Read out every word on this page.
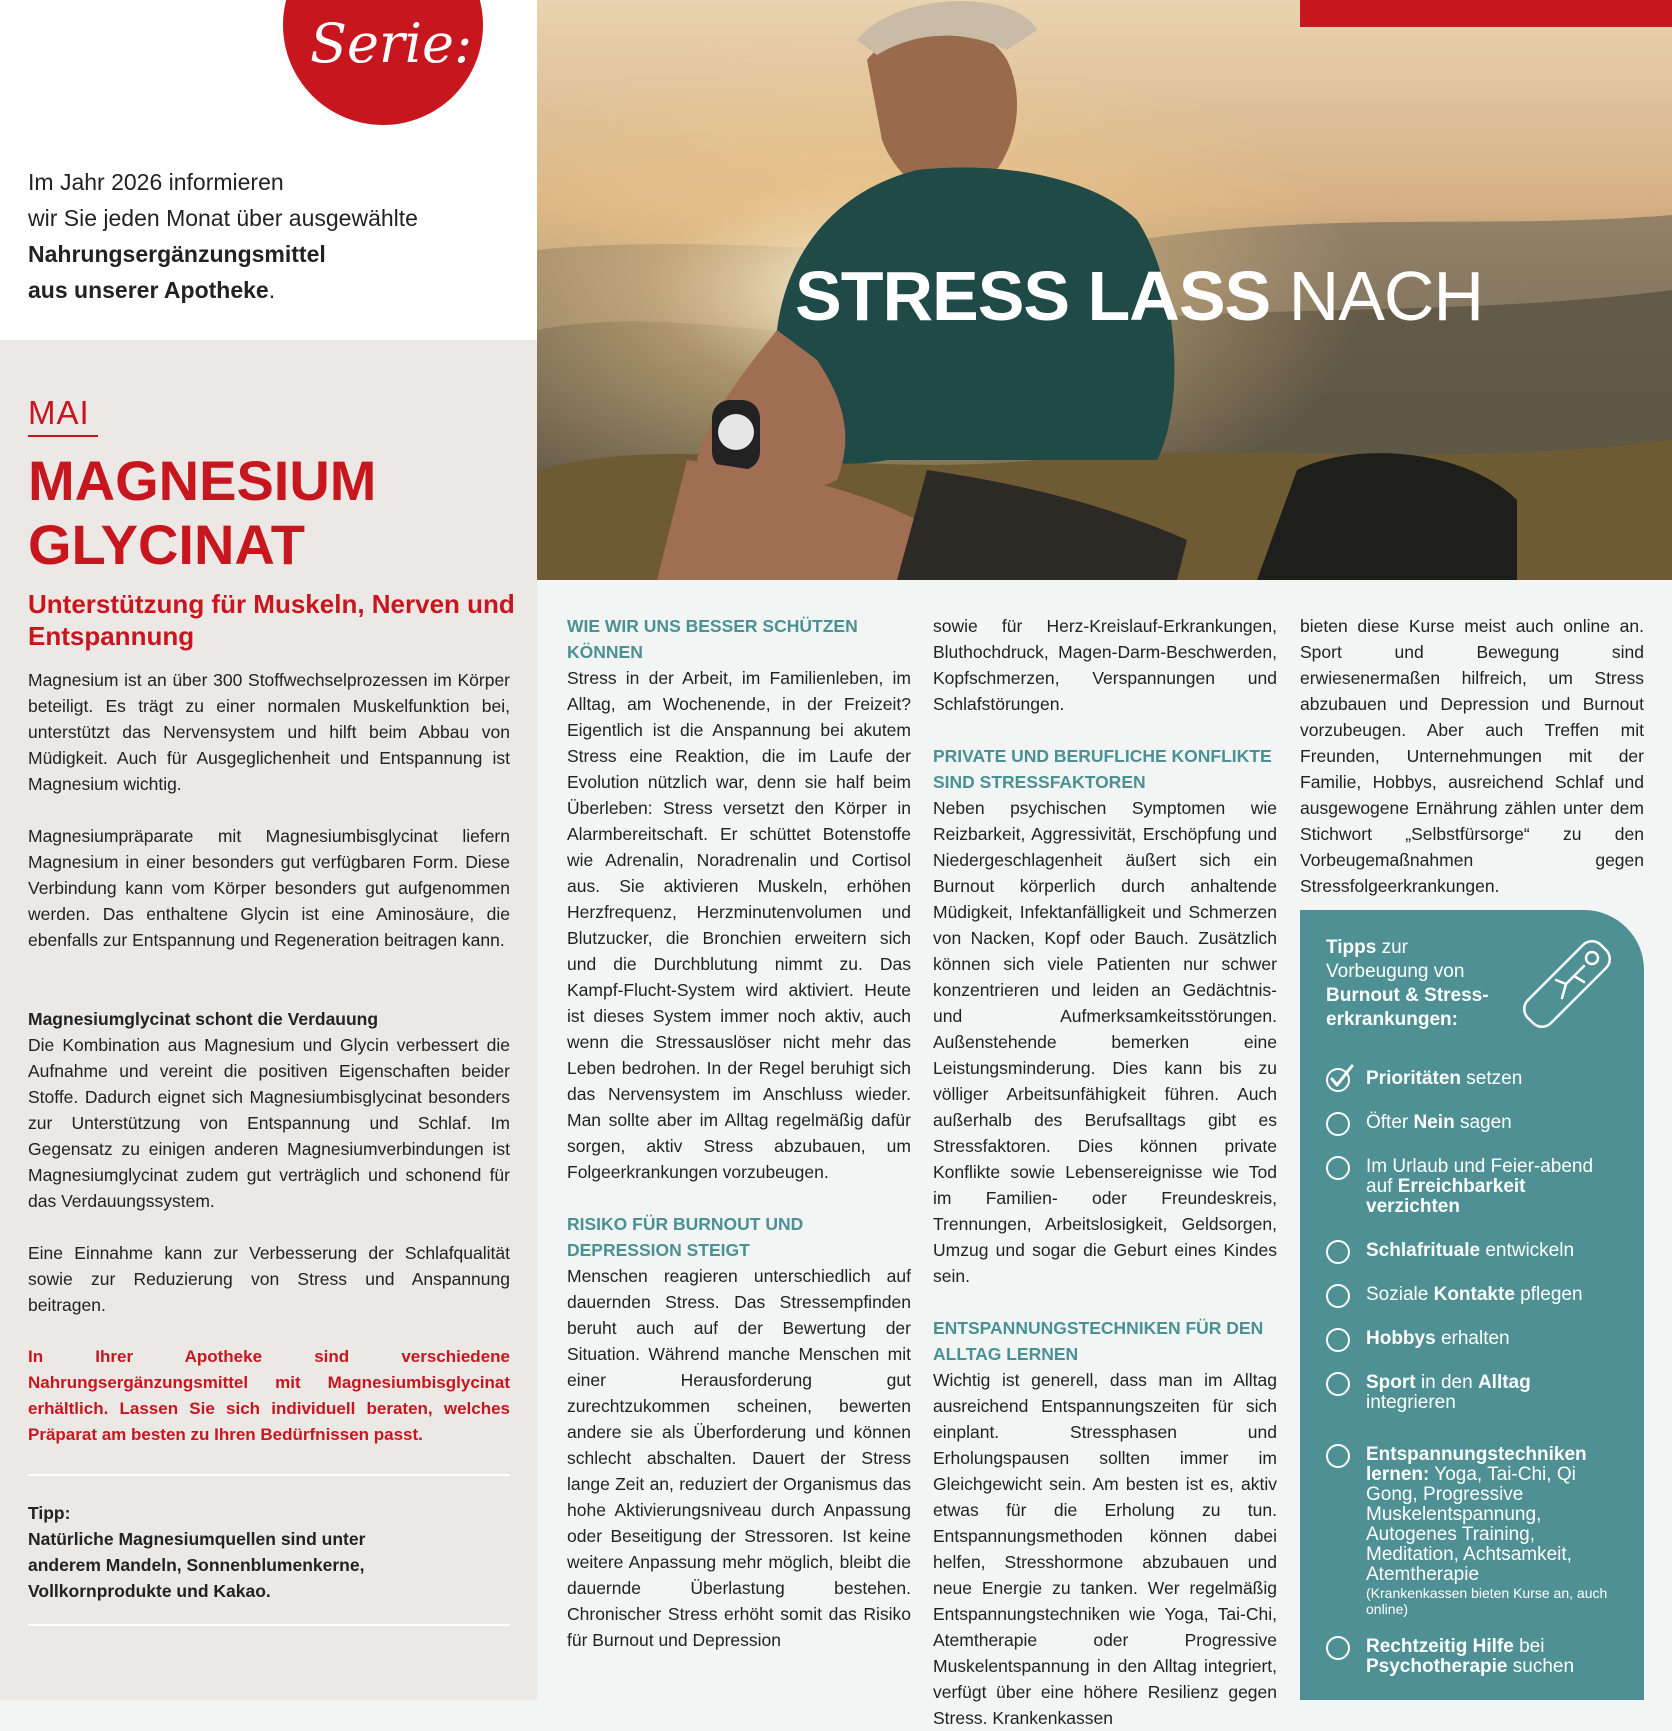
Serie:
Im Jahr 2026 informieren
wir Sie jeden Monat über ausgewählte
Nahrungsergänzungsmittel
aus unserer Apotheke.
MAI
MAGNESIUM
GLYCINAT
Unterstützung für Muskeln, Nerven und Entspannung
Magnesium ist an über 300 Stoffwechselprozessen im Körper beteiligt. Es trägt zu einer normalen Muskelfunktion bei, unterstützt das Nervensystem und hilft beim Abbau von Müdigkeit. Auch für Ausgeglichenheit und Entspannung ist Magnesium wichtig.
Magnesiumpräparate mit Magnesiumbisglycinat liefern Magnesium in einer besonders gut verfügbaren Form. Diese Verbindung kann vom Körper besonders gut aufgenommen werden. Das enthaltene Glycin ist eine Aminosäure, die ebenfalls zur Entspannung und Regeneration beitragen kann.
Magnesiumglycinat schont die Verdauung
Die Kombination aus Magnesium und Glycin verbessert die Aufnahme und vereint die positiven Eigenschaften beider Stoffe. Dadurch eignet sich Magnesiumbisglycinat besonders zur Unterstützung von Entspannung und Schlaf. Im Gegensatz zu einigen anderen Magnesiumverbindungen ist Magnesiumglycinat zudem gut verträglich und schonend für das Verdauungssystem.
Eine Einnahme kann zur Verbesserung der Schlafqualität sowie zur Reduzierung von Stress und Anspannung beitragen.
In Ihrer Apotheke sind verschiedene Nahrungsergänzungsmittel mit Magnesiumbisglycinat erhältlich. Lassen Sie sich individuell beraten, welches Präparat am besten zu Ihren Bedürfnissen passt.
Tipp:
Natürliche Magnesiumquellen sind unter anderem Mandeln, Sonnenblumenkerne, Vollkornprodukte und Kakao.
STRESS LASS NACH
WIE WIR UNS BESSER SCHÜTZEN KÖNNEN
Stress in der Arbeit, im Familienleben, im Alltag, am Wochenende, in der Freizeit? Eigentlich ist die Anspannung bei akutem Stress eine Reaktion, die im Laufe der Evolution nützlich war, denn sie half beim Überleben: Stress versetzt den Körper in Alarmbereitschaft. Er schüttet Botenstoffe wie Adrenalin, Noradrenalin und Cortisol aus. Sie aktivieren Muskeln, erhöhen Herzfrequenz, Herzminutenvolumen und Blutzucker, die Bronchien erweitern sich und die Durchblutung nimmt zu. Das Kampf-Flucht-System wird aktiviert. Heute ist dieses System immer noch aktiv, auch wenn die Stressauslöser nicht mehr das Leben bedrohen. In der Regel beruhigt sich das Nervensystem im Anschluss wieder. Man sollte aber im Alltag regelmäßig dafür sorgen, aktiv Stress abzubauen, um Folgeerkrankungen vorzubeugen.
RISIKO FÜR BURNOUT UND DEPRESSION STEIGT
Menschen reagieren unterschiedlich auf dauernden Stress. Das Stressempfinden beruht auch auf der Bewertung der Situation. Während manche Menschen mit einer Herausforderung gut zurechtzukommen scheinen, bewerten andere sie als Überforderung und können schlecht abschalten. Dauert der Stress lange Zeit an, reduziert der Organismus das hohe Aktivierungsniveau durch Anpassung oder Beseitigung der Stressoren. Ist keine weitere Anpassung mehr möglich, bleibt die dauernde Überlastung bestehen. Chronischer Stress erhöht somit das Risiko für Burnout und Depression
sowie für Herz-Kreislauf-Erkrankungen, Bluthochdruck, Magen-Darm-Beschwerden, Kopfschmerzen, Verspannungen und Schlafstörungen.
PRIVATE UND BERUFLICHE KONFLIKTE SIND STRESSFAKTOREN
Neben psychischen Symptomen wie Reizbarkeit, Aggressivität, Erschöpfung und Niedergeschlagenheit äußert sich ein Burnout körperlich durch anhaltende Müdigkeit, Infektanfälligkeit und Schmerzen von Nacken, Kopf oder Bauch. Zusätzlich können sich viele Patienten nur schwer konzentrieren und leiden an Gedächtnis- und Aufmerksamkeitsstörungen. Außenstehende bemerken eine Leistungsminderung. Dies kann bis zu völliger Arbeitsunfähigkeit führen. Auch außerhalb des Berufsalltags gibt es Stressfaktoren. Dies können private Konflikte sowie Lebensereignisse wie Tod im Familien- oder Freundeskreis, Trennungen, Arbeitslosigkeit, Geldsorgen, Umzug und sogar die Geburt eines Kindes sein.
ENTSPANNUNGSTECHNIKEN FÜR DEN ALLTAG LERNEN
Wichtig ist generell, dass man im Alltag ausreichend Entspannungszeiten für sich einplant. Stressphasen und Erholungspausen sollten immer im Gleichgewicht sein. Am besten ist es, aktiv etwas für die Erholung zu tun. Entspannungsmethoden können dabei helfen, Stresshormone abzubauen und neue Energie zu tanken. Wer regelmäßig Entspannungstechniken wie Yoga, Tai-Chi, Atemtherapie oder Progressive Muskelentspannung in den Alltag integriert, verfügt über eine höhere Resilienz gegen Stress. Krankenkassen
bieten diese Kurse meist auch online an. Sport und Bewegung sind erwiesenermaßen hilfreich, um Stress abzubauen und Depression und Burnout vorzubeugen. Aber auch Treffen mit Freunden, Unternehmungen mit der Familie, Hobbys, ausreichend Schlaf und ausgewogene Ernährung zählen unter dem Stichwort „Selbstfürsorge“ zu den Vorbeugemaßnahmen gegen Stressfolgeerkrankungen.
Tipps zur
Vorbeugung von
Burnout & Stress-
erkrankungen:
Prioritäten setzen
Öfter Nein sagen
Im Urlaub und Feier-abend auf Erreichbarkeit verzichten
Schlafrituale entwickeln
Soziale Kontakte pflegen
Hobbys erhalten
Sport in den Alltag integrieren
Entspannungstechniken lernen: Yoga, Tai-Chi, Qi Gong, Progressive Muskelentspannung, Autogenes Training, Meditation, Achtsamkeit, Atemtherapie
(Krankenkassen bieten Kurse an, auch online)
Rechtzeitig Hilfe bei Psychotherapie suchen
